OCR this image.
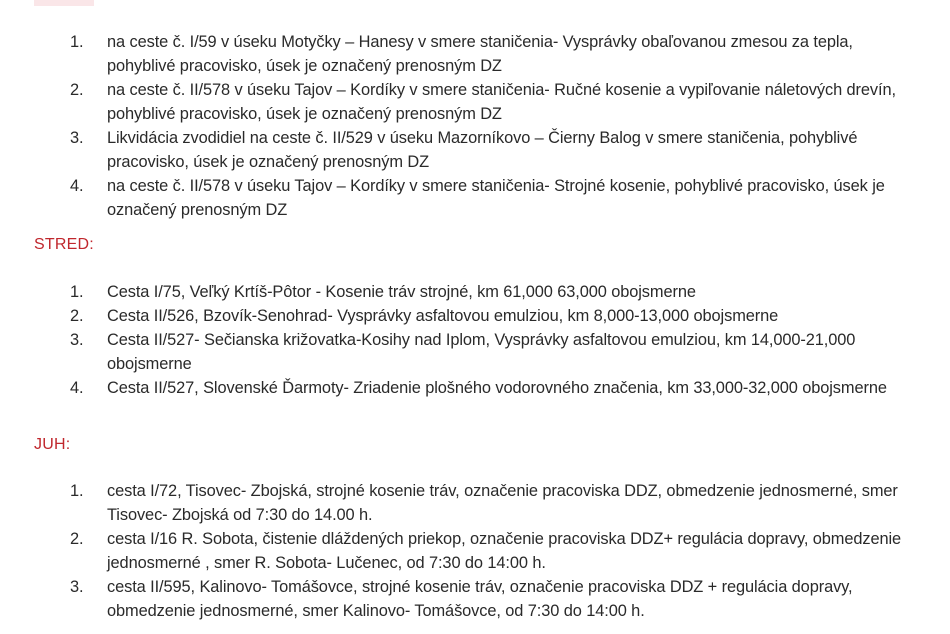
1. na ceste č. I/59 v úseku Motyčky – Hanesy v smere staničenia- Vysprávky obaľovanou zmesou za tepla, pohyblivé pracovisko, úsek je označený prenosným DZ
2. na ceste č. II/578 v úseku Tajov – Kordíky v smere staničenia- Ručné kosenie a vypiľovanie náletových drevín, pohyblivé pracovisko, úsek je označený prenosným DZ
3. Likvidácia zvodidiel na ceste č. II/529 v úseku Mazorníkovo – Čierny Balog v smere staničenia, pohyblivé pracovisko, úsek je označený prenosným DZ
4. na ceste č. II/578 v úseku Tajov – Kordíky v smere staničenia- Strojné kosenie, pohyblivé pracovisko, úsek je označený prenosným DZ
STRED:
1. Cesta I/75, Veľký Krtíš-Pôtor - Kosenie tráv strojné, km 61,000 63,000 obojsmerne
2. Cesta II/526, Bzovík-Senohrad- Vysprávky asfaltovou emulziou, km 8,000-13,000 obojsmerne
3. Cesta II/527- Sečianska križovatka-Kosihy nad Iplom, Vysprávky asfaltovou emulziou, km 14,000-21,000 obojsmerne
4. Cesta II/527, Slovenské Ďarmoty- Zriadenie plošného vodorovného značenia, km 33,000-32,000 obojsmerne
JUH:
1. cesta I/72, Tisovec- Zbojská, strojné kosenie tráv, označenie pracoviska DDZ, obmedzenie jednosmerné, smer Tisovec- Zbojská od 7:30 do 14.00 h.
2. cesta I/16 R. Sobota, čistenie dláždených priekop, označenie pracoviska DDZ+ regulácia dopravy, obmedzenie jednosmerné , smer R. Sobota- Lučenec, od 7:30 do 14:00 h.
3. cesta II/595, Kalinovo- Tomášovce, strojné kosenie tráv, označenie pracoviska DDZ + regulácia dopravy, obmedzenie jednosmerné, smer Kalinovo- Tomášovce, od 7:30 do 14:00 h.
